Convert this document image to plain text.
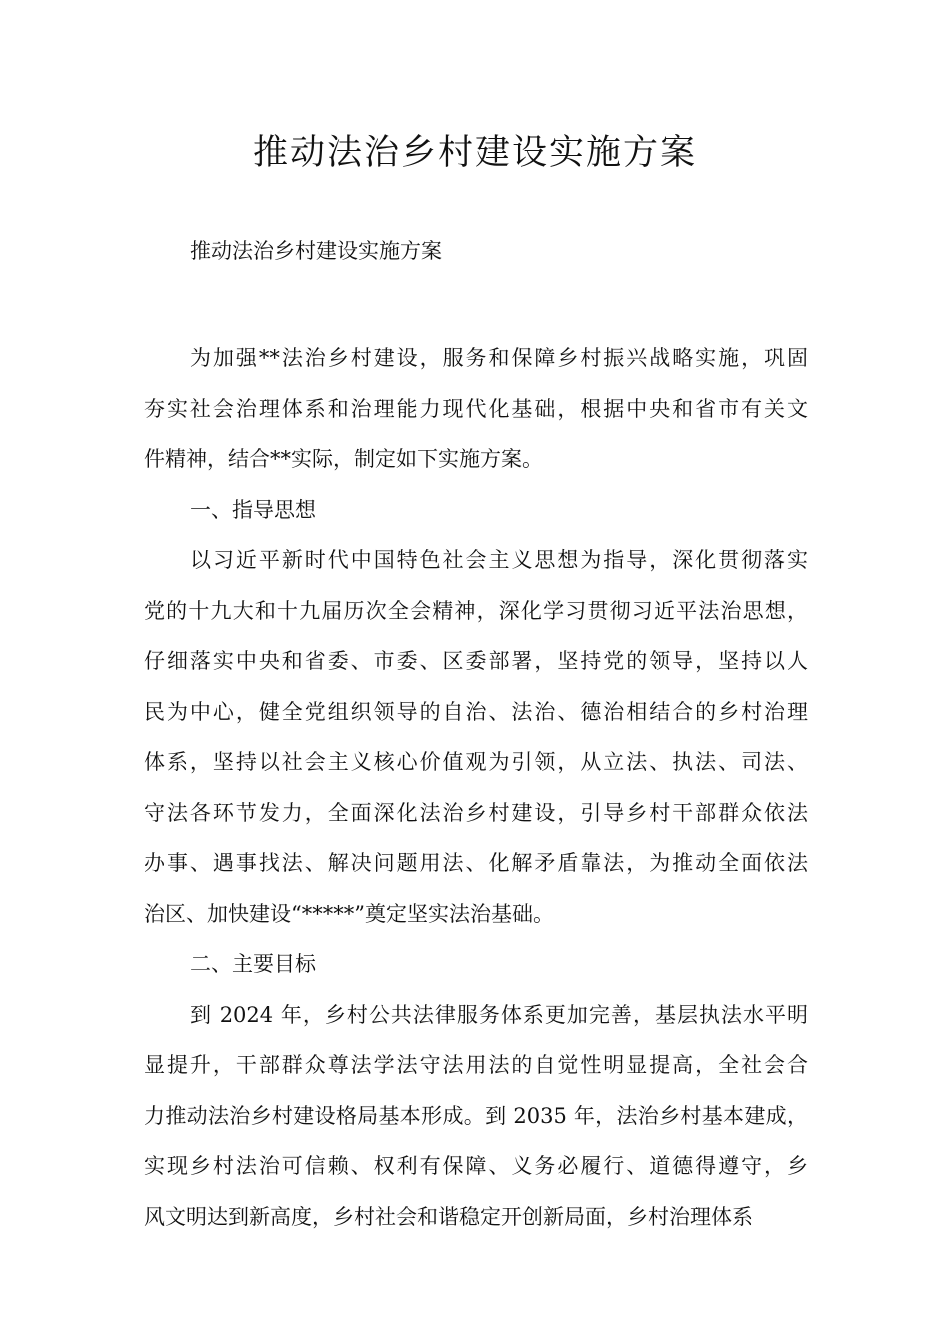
推动法治乡村建设实施方案

推动法治乡村建设实施方案

为加强**法治乡村建设，服务和保障乡村振兴战略实施，巩固
夯实社会治理体系和治理能力现代化基础，根据中央和省市有关文
件精神，结合**实际，制定如下实施方案。
一、指导思想
以习近平新时代中国特色社会主义思想为指导，深化贯彻落实
党的十九大和十九届历次全会精神，深化学习贯彻习近平法治思想，
仔细落实中央和省委、市委、区委部署，坚持党的领导，坚持以人
民为中心，健全党组织领导的自治、法治、德治相结合的乡村治理
体系，坚持以社会主义核心价值观为引领，从立法、执法、司法、
守法各环节发力，全面深化法治乡村建设，引导乡村干部群众依法
办事、遇事找法、解决问题用法、化解矛盾靠法，为推动全面依法
治区、加快建设“*****”奠定坚实法治基础。
二、主要目标
到 2024 年，乡村公共法律服务体系更加完善，基层执法水平明
显提升，干部群众尊法学法守法用法的自觉性明显提高，全社会合
力推动法治乡村建设格局基本形成。到 2035 年，法治乡村基本建成，
实现乡村法治可信赖、权利有保障、义务必履行、道德得遵守，乡
风文明达到新高度，乡村社会和谐稳定开创新局面，乡村治理体系
